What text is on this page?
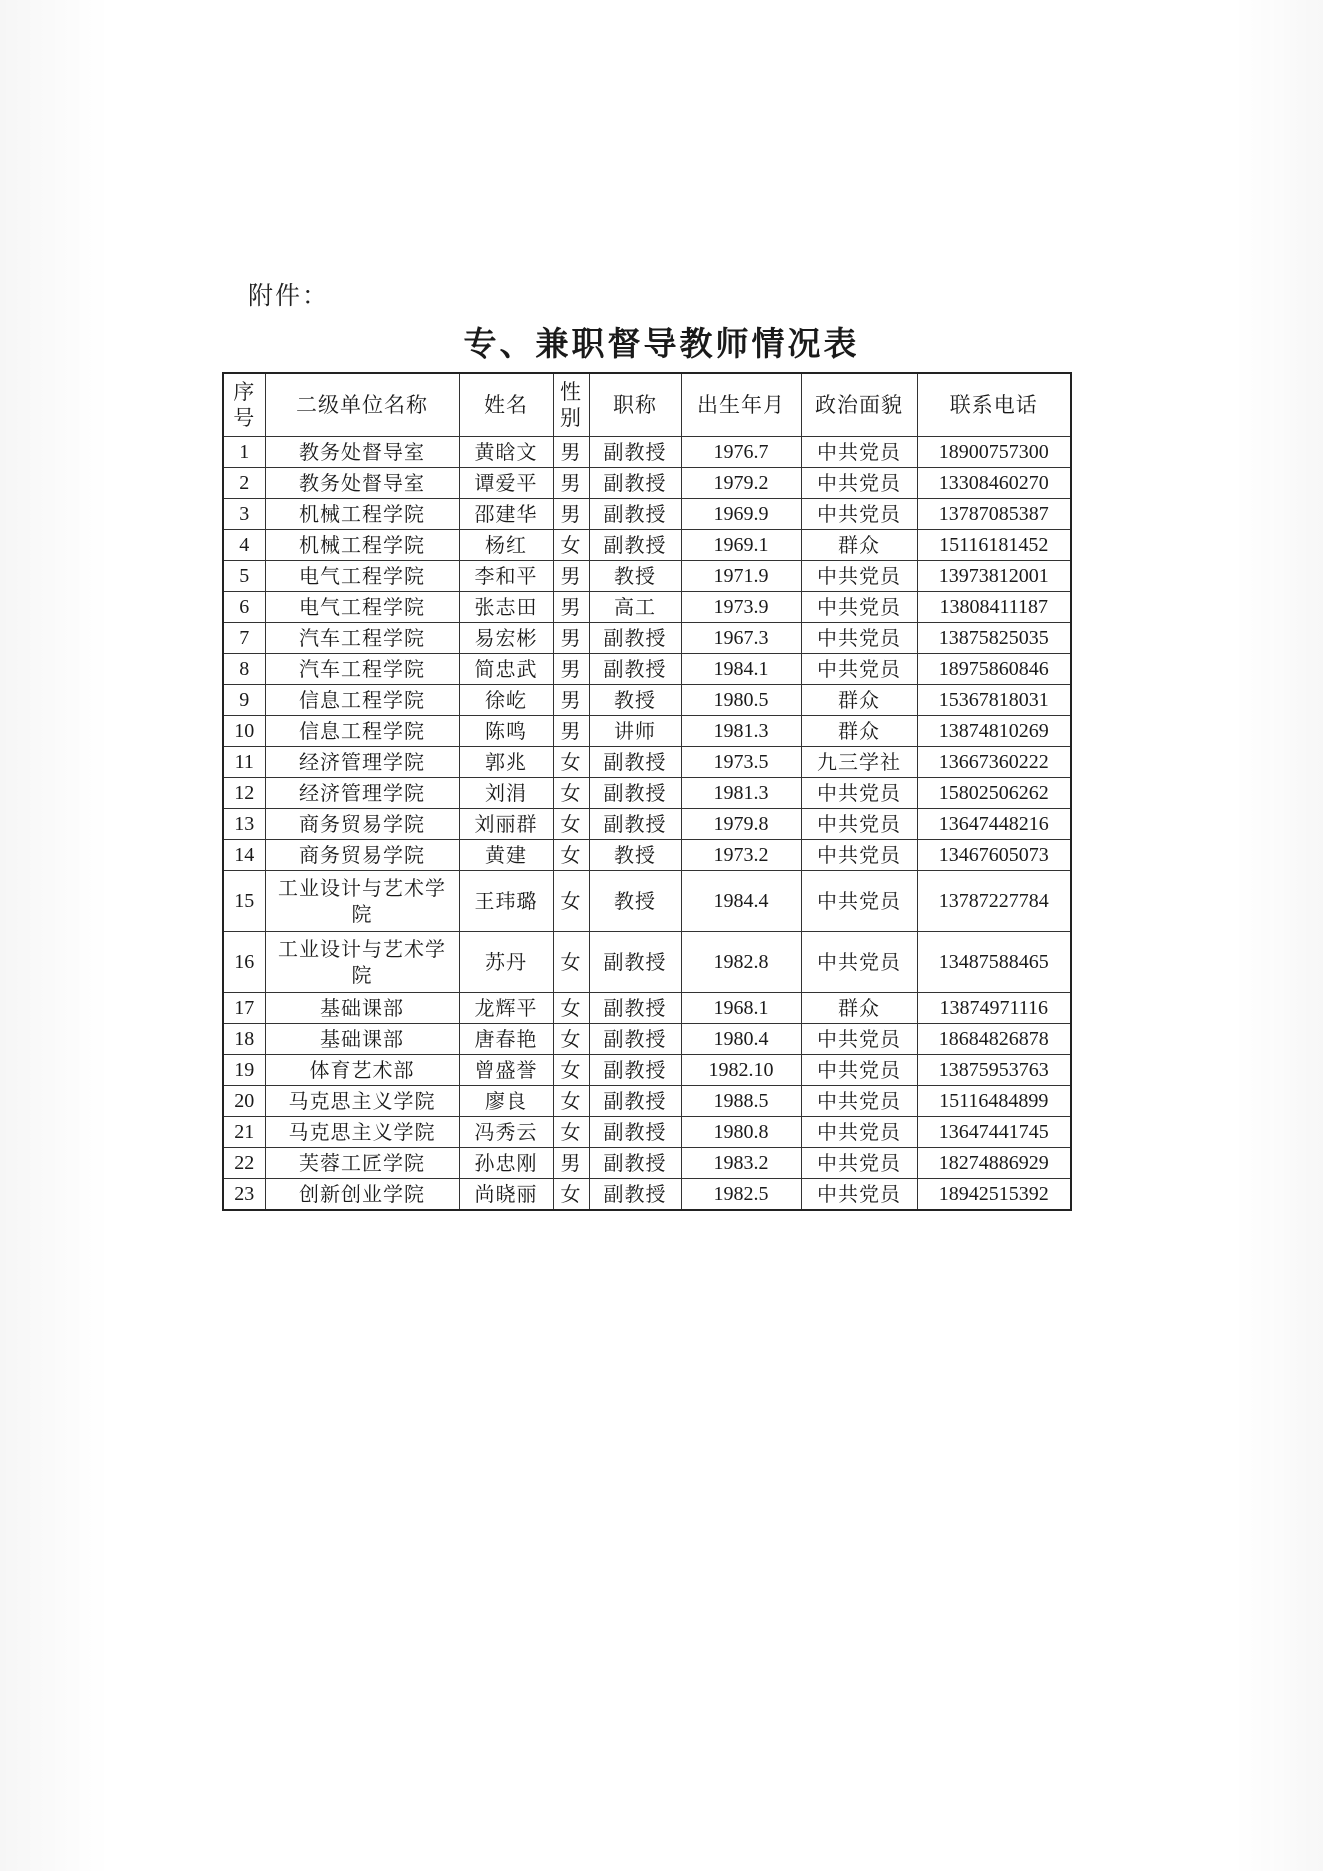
附件：
专、兼职督导教师情况表
序号	二级单位名称	姓名	性别	职称	出生年月	政治面貌	联系电话
1	教务处督导室	黄晗文	男	副教授	1976.7	中共党员	18900757300
2	教务处督导室	谭爱平	男	副教授	1979.2	中共党员	13308460270
3	机械工程学院	邵建华	男	副教授	1969.9	中共党员	13787085387
4	机械工程学院	杨红	女	副教授	1969.1	群众	15116181452
5	电气工程学院	李和平	男	教授	1971.9	中共党员	13973812001
6	电气工程学院	张志田	男	高工	1973.9	中共党员	13808411187
7	汽车工程学院	易宏彬	男	副教授	1967.3	中共党员	13875825035
8	汽车工程学院	简忠武	男	副教授	1984.1	中共党员	18975860846
9	信息工程学院	徐屹	男	教授	1980.5	群众	15367818031
10	信息工程学院	陈鸣	男	讲师	1981.3	群众	13874810269
11	经济管理学院	郭兆	女	副教授	1973.5	九三学社	13667360222
12	经济管理学院	刘涓	女	副教授	1981.3	中共党员	15802506262
13	商务贸易学院	刘丽群	女	副教授	1979.8	中共党员	13647448216
14	商务贸易学院	黄建	女	教授	1973.2	中共党员	13467605073
15	工业设计与艺术学院	王玮璐	女	教授	1984.4	中共党员	13787227784
16	工业设计与艺术学院	苏丹	女	副教授	1982.8	中共党员	13487588465
17	基础课部	龙辉平	女	副教授	1968.1	群众	13874971116
18	基础课部	唐春艳	女	副教授	1980.4	中共党员	18684826878
19	体育艺术部	曾盛誉	女	副教授	1982.10	中共党员	13875953763
20	马克思主义学院	廖良	女	副教授	1988.5	中共党员	15116484899
21	马克思主义学院	冯秀云	女	副教授	1980.8	中共党员	13647441745
22	芙蓉工匠学院	孙忠刚	男	副教授	1983.2	中共党员	18274886929
23	创新创业学院	尚晓丽	女	副教授	1982.5	中共党员	18942515392
